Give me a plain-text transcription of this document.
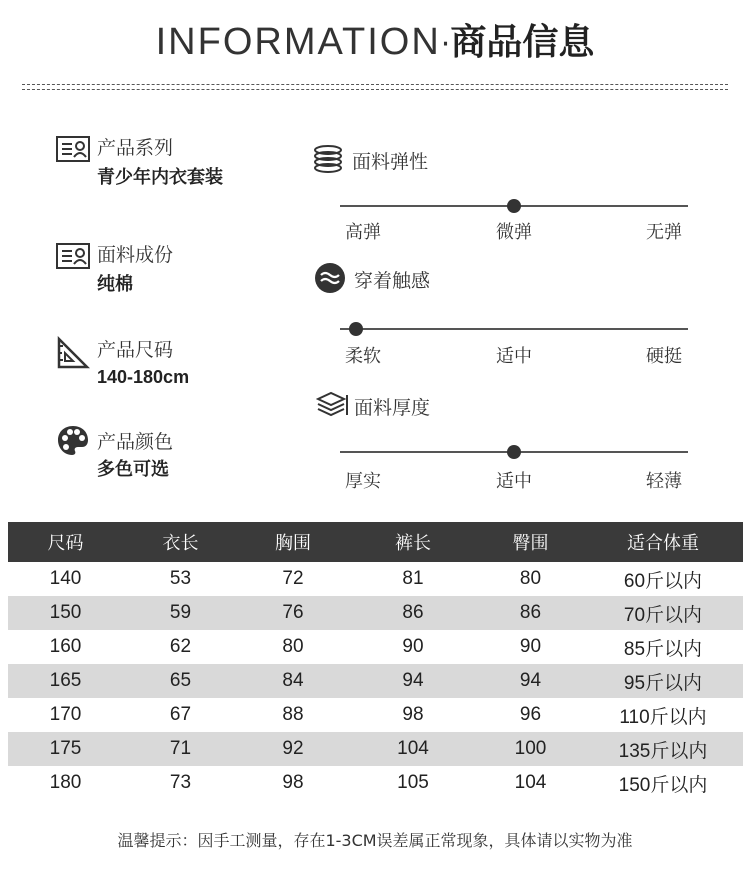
INFORMATION·商品信息
产品系列
青少年内衣套装
面料成份
纯棉
产品尺码
140-180cm
产品颜色
多色可选
面料弹性
高弹	微弹	无弹
穿着触感
柔软	适中	硬挺
面料厚度
厚实	适中	轻薄
尺码	衣长	胸围	裤长	臀围	适合体重
140	53	72	81	80	60斤以内
150	59	76	86	86	70斤以内
160	62	80	90	90	85斤以内
165	65	84	94	94	95斤以内
170	67	88	98	96	110斤以内
175	71	92	104	100	135斤以内
180	73	98	105	104	150斤以内
温馨提示：因手工测量，存在1-3CM误差属正常现象，具体请以实物为准
